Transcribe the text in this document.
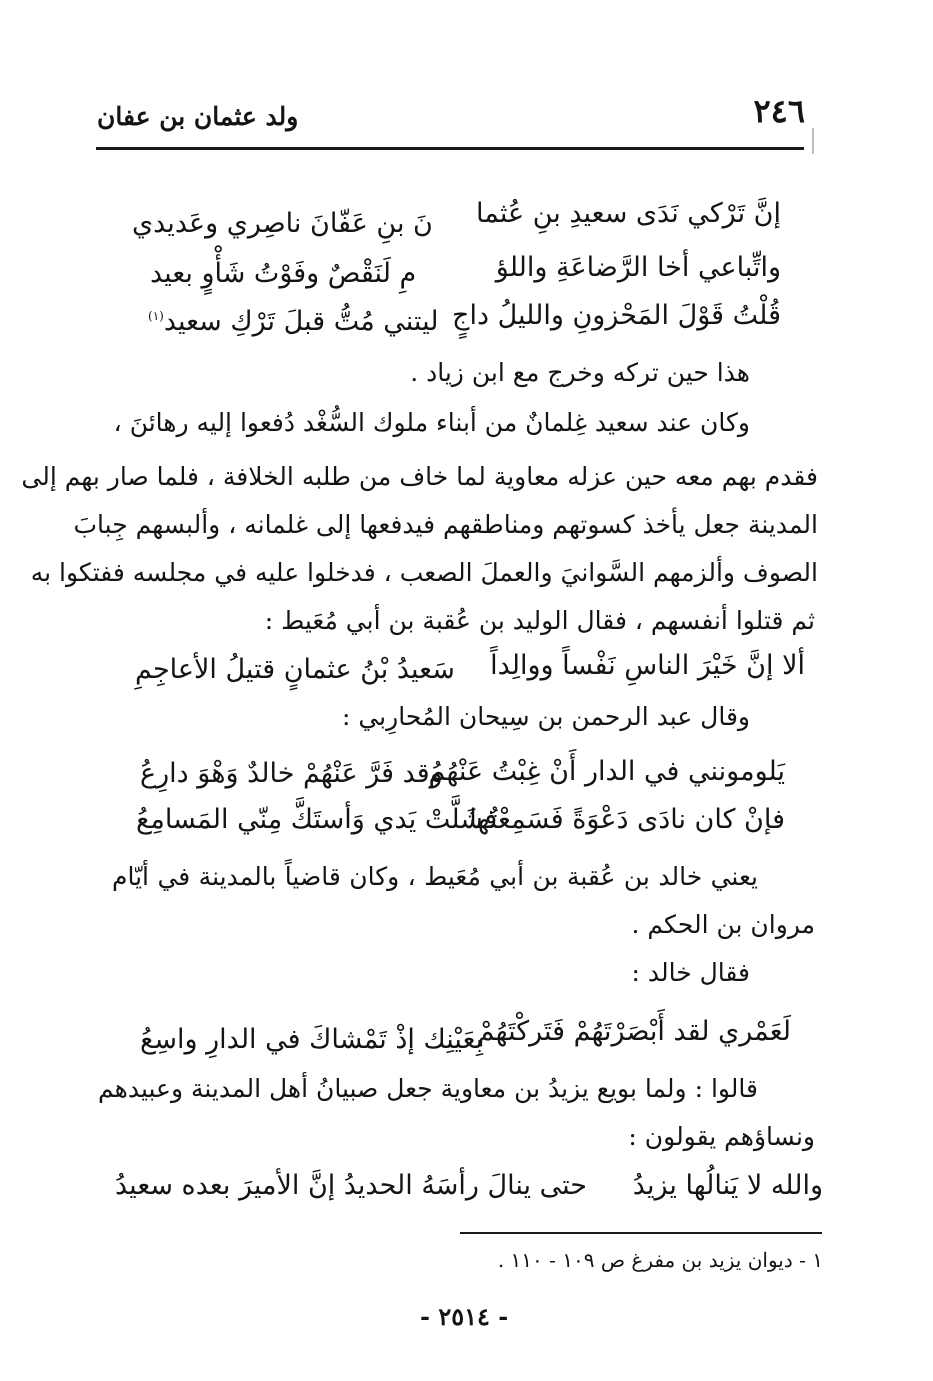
٢٤٦
ولد عثمان بن عفان
إنَّ تَرْكي نَدَى سعيدِ بنِ عُثما
نَ بنِ عَفّانَ ناصِري وعَديدي
واتِّباعي أخا الرَّضاعَةِ واللؤ
مِ لَنَقْصٌ وفَوْتُ شَأْوٍ بعيد
قُلْتُ قَوْلَ المَحْزونِ والليلُ داجٍ
ليتني مُتُّ قبلَ تَرْكِ سعيد$^{(١)}$
هذا حين تركه وخرج مع ابن زياد .
وكان عند سعيد غِلمانٌ من أبناء ملوك السُّغْد دُفعوا إليه رهائنَ ،
فقدم بهم معه حين عزله معاوية لما خاف من طلبه الخلافة ، فلما صار بهم إلى
المدينة جعل يأخذ كسوتهم ومناطقهم فيدفعها إلى غلمانه ، وألبسهم جِبابَ
الصوف وألزمهم السَّوانيَ والعملَ الصعب ، فدخلوا عليه في مجلسه ففتكوا به
ثم قتلوا أنفسهم ، فقال الوليد بن عُقبة بن أبي مُعَيط :
ألا إنَّ خَيْرَ الناسِ نَفْساً ووالِداً
سَعيدُ بْنُ عثمانٍ قتيلُ الأعاجِمِ
وقال عبد الرحمن بن سِيحان المُحارِبي :
يَلومونني في الدار أَنْ غِبْتُ عَنْهُمُ
وقد فَرَّ عَنْهُمْ خالدٌ وَهْوَ دارِعُ
فإنْ كان نادَى دَعْوَةً فَسَمِعْتُها
فشَلَّتْ يَدي وَأستَكَّ مِنّي المَسامِعُ
يعني خالد بن عُقبة بن أبي مُعَيط ، وكان قاضياً بالمدينة في أيّام
مروان بن الحكم .
فقال خالد :
لَعَمْري لقد أَبْصَرْتَهُمْ فَتَركْتَهُمْ
بِعَيْنِك إذْ تَمْشاكَ في الدارِ واسِعُ
قالوا : ولما بويع يزيدُ بن معاوية جعل صبيانُ أهل المدينة وعبيدهم
ونساؤهم يقولون :
والله لا يَنالُها يزيدُ
حتى ينالَ رأسَهُ الحديدُ
إنَّ الأميرَ بعده سعيدُ
١ - ديوان يزيد بن مفرغ ص ١٠٩ - ١١٠ .
- ٢٥١٤ -
